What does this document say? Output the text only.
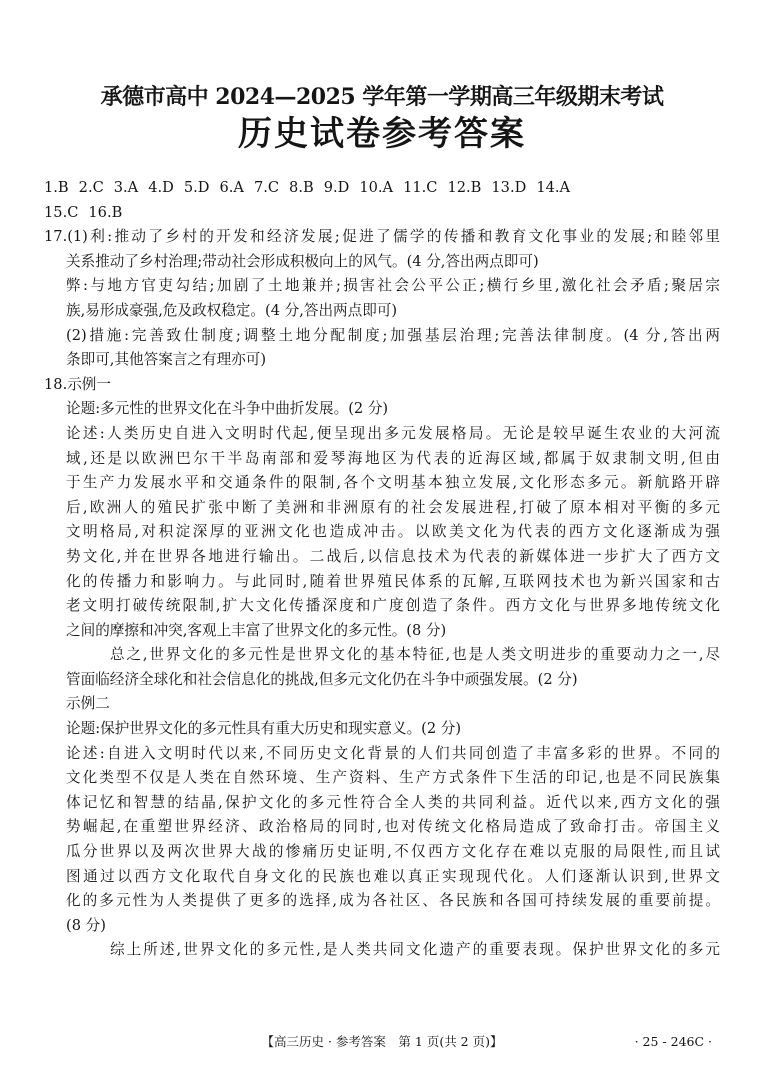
承德市高中 2024—2025 学年第一学期高三年级期末考试
历史试卷参考答案
1.B 2.C 3.A 4.D 5.D 6.A 7.C 8.B 9.D 10.A 11.C 12.B 13.D 14.A
15.C 16.B
17.(1)利:推动了乡村的开发和经济发展;促进了儒学的传播和教育文化事业的发展;和睦邻里
关系推动了乡村治理;带动社会形成积极向上的风气。(4 分,答出两点即可)
弊:与地方官吏勾结;加剧了土地兼并;损害社会公平公正;横行乡里,激化社会矛盾;聚居宗
族,易形成豪强,危及政权稳定。(4 分,答出两点即可)
(2)措施:完善致仕制度;调整土地分配制度;加强基层治理;完善法律制度。(4 分,答出两
条即可,其他答案言之有理亦可)
18.示例一
论题:多元性的世界文化在斗争中曲折发展。(2 分)
论述:人类历史自进入文明时代起,便呈现出多元发展格局。无论是较早诞生农业的大河流
域,还是以欧洲巴尔干半岛南部和爱琴海地区为代表的近海区域,都属于奴隶制文明,但由
于生产力发展水平和交通条件的限制,各个文明基本独立发展,文化形态多元。新航路开辟
后,欧洲人的殖民扩张中断了美洲和非洲原有的社会发展进程,打破了原本相对平衡的多元
文明格局,对积淀深厚的亚洲文化也造成冲击。以欧美文化为代表的西方文化逐渐成为强
势文化,并在世界各地进行输出。二战后,以信息技术为代表的新媒体进一步扩大了西方文
化的传播力和影响力。与此同时,随着世界殖民体系的瓦解,互联网技术也为新兴国家和古
老文明打破传统限制,扩大文化传播深度和广度创造了条件。西方文化与世界多地传统文化
之间的摩擦和冲突,客观上丰富了世界文化的多元性。(8 分)
总之,世界文化的多元性是世界文化的基本特征,也是人类文明进步的重要动力之一,尽
管面临经济全球化和社会信息化的挑战,但多元文化仍在斗争中顽强发展。(2 分)
示例二
论题:保护世界文化的多元性具有重大历史和现实意义。(2 分)
论述:自进入文明时代以来,不同历史文化背景的人们共同创造了丰富多彩的世界。不同的
文化类型不仅是人类在自然环境、生产资料、生产方式条件下生活的印记,也是不同民族集
体记忆和智慧的结晶,保护文化的多元性符合全人类的共同利益。近代以来,西方文化的强
势崛起,在重塑世界经济、政治格局的同时,也对传统文化格局造成了致命打击。帝国主义
瓜分世界以及两次世界大战的惨痛历史证明,不仅西方文化存在难以克服的局限性,而且试
图通过以西方文化取代自身文化的民族也难以真正实现现代化。人们逐渐认识到,世界文
化的多元性为人类提供了更多的选择,成为各社区、各民族和各国可持续发展的重要前提。
(8 分)
综上所述,世界文化的多元性,是人类共同文化遗产的重要表现。保护世界文化的多元
【高三历史 · 参考答案　第 1 页(共 2 页)】	· 25 - 246C ·
